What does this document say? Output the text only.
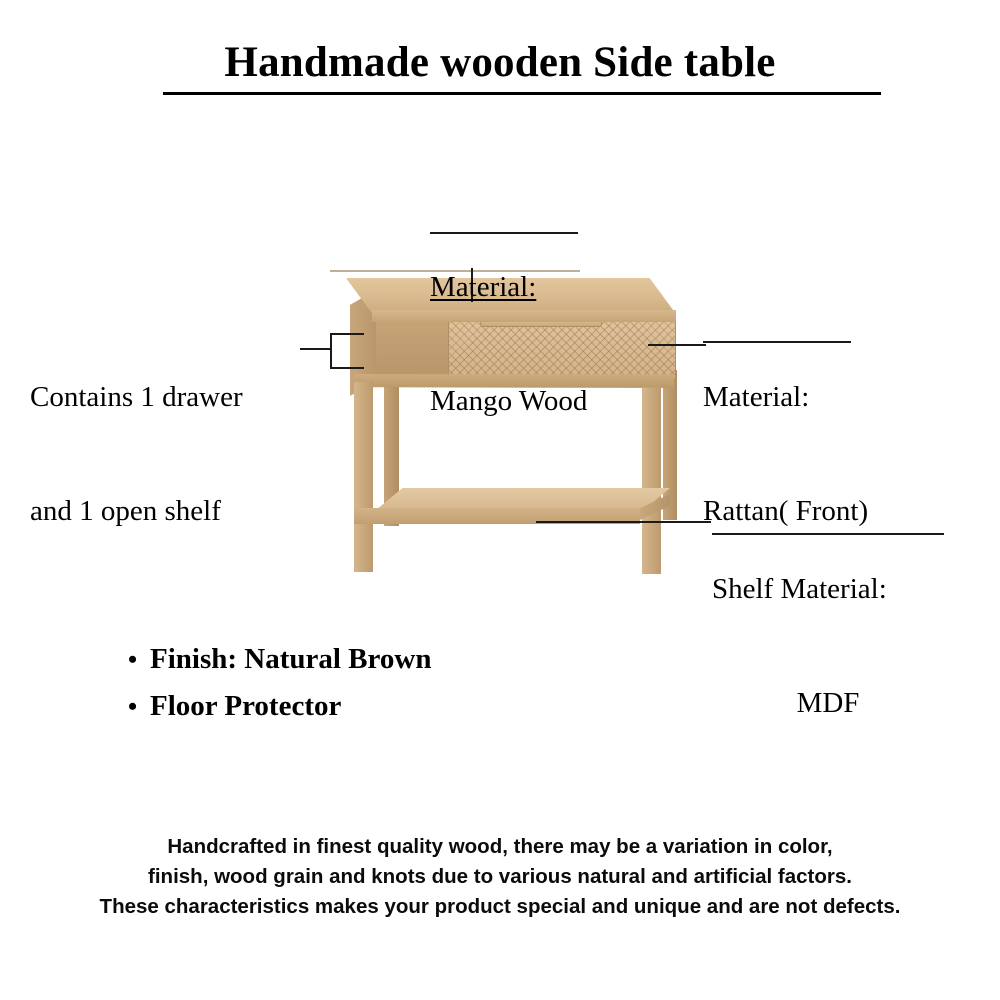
Handmade wooden Side table

Material:

Mango Wood

	Material:

Rattan( Front)

Shelf Material:

MDF

Contains 1 drawer

and 1 open shelf

• Finish: Natural Brown
• Floor Protector
Handcrafted in finest quality wood, there may be a variation in color,
finish, wood grain and knots due to various natural and artificial factors.
These characteristics makes your product special and unique and are not defects.
